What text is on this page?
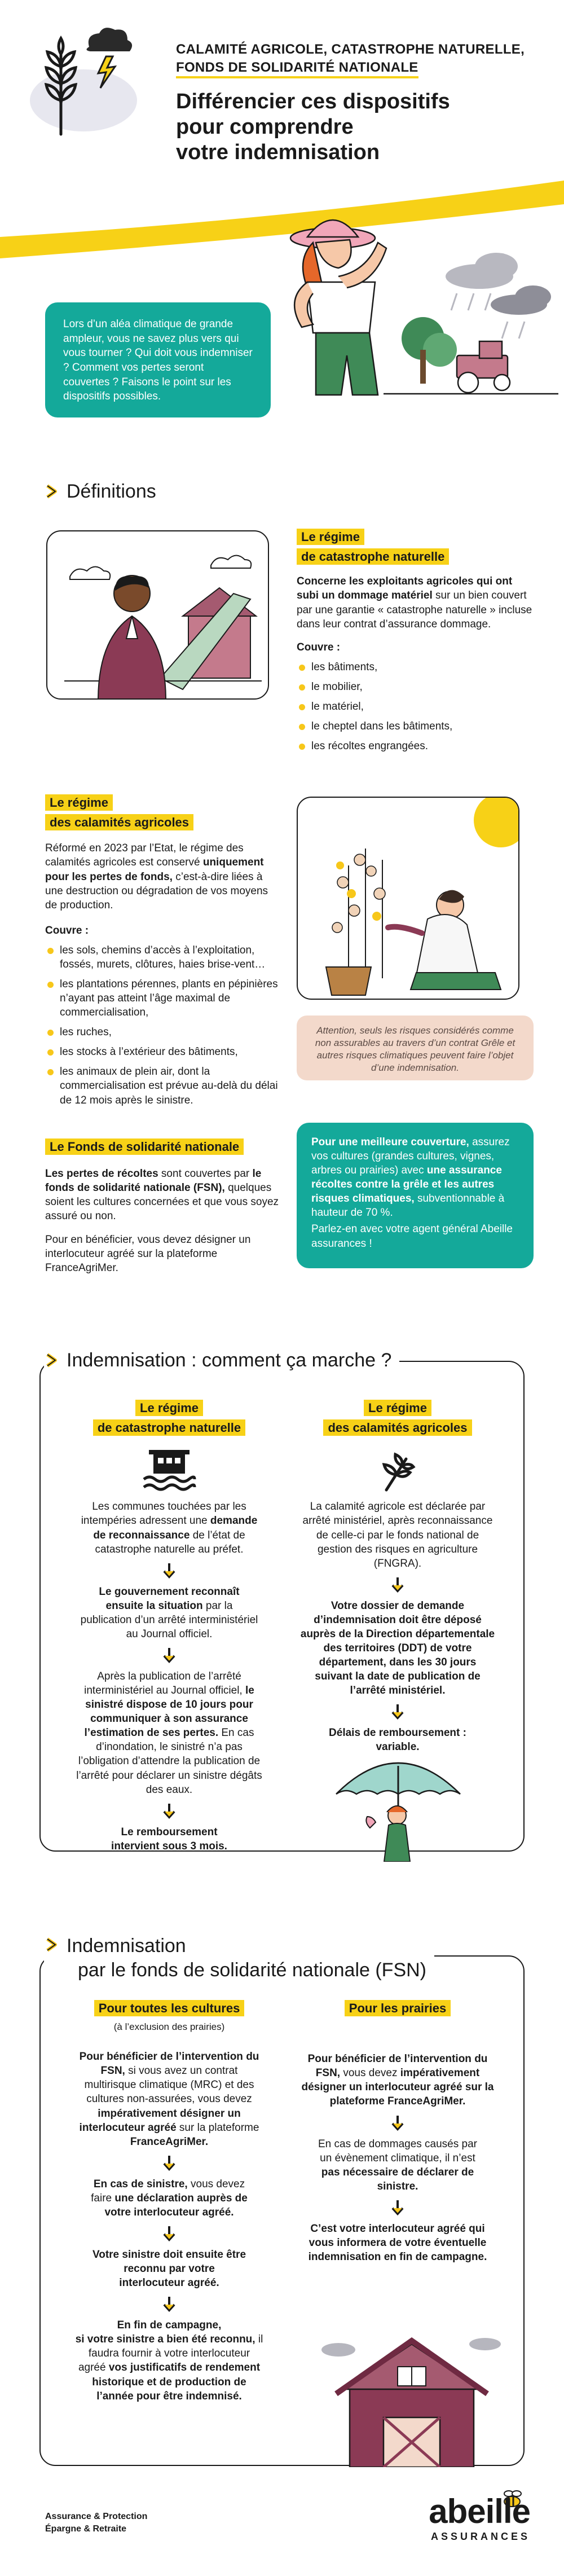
CALAMITÉ AGRICOLE, CATASTROPHE NATURELLE,
FONDS DE SOLIDARITÉ NATIONALE
Différencier ces dispositifs
pour comprendre
votre indemnisation

Lors d’un aléa climatique de grande ampleur, vous ne savez plus vers qui vous tourner ? Qui doit vous indemniser ? Comment vos pertes seront couvertes ? Faisons le point sur les dispositifs possibles.

Définitions
Le régime
de catastrophe naturelle

Concerne les exploitants agricoles qui ont subi un dommage matériel sur un bien couvert par une garantie « catastrophe naturelle » incluse dans leur contrat d’assurance dommage.

Couvre :

les bâtiments,
le mobilier,
le matériel,
le cheptel dans les bâtiments,
les récoltes engrangées.
Le régime
des calamités agricoles

Réformé en 2023 par l’Etat, le régime des calamités agricoles est conservé uniquement pour les pertes de fonds, c’est-à-dire liées à une destruction ou dégradation de vos moyens de production.

Couvre :

les sols, chemins d’accès à l’exploitation, fossés, murets, clôtures, haies brise-vent…
les plantations pérennes, plants en pépinières n’ayant pas atteint l’âge maximal de commercialisation,
les ruches,
les stocks à l’extérieur des bâtiments,
les animaux de plein air, dont la commercialisation est prévue au-delà du délai de 12 mois après le sinistre.

Attention, seuls les risques considérés comme non assurables au travers d’un contrat Grêle et autres risques climatiques peuvent faire l’objet d’une indemnisation.

Le Fonds de solidarité nationale

Les pertes de récoltes sont couvertes par le fonds de solidarité nationale (FSN), quelques soient les cultures concernées et que vous soyez assuré ou non.

Pour en bénéficier, vous devez désigner un interlocuteur agréé sur la plateforme FranceAgriMer.

Pour une meilleure couverture, assurez vos cultures (grandes cultures, vignes, arbres ou prairies) avec une assurance récoltes contre la grêle et les autres risques climatiques, subventionnable à hauteur de 70 %.

Parlez-en avec votre agent général Abeille assurances !

Indemnisation : comment ça marche ?
Le régime
de catastrophe naturelle

Les communes touchées par les intempéries adressent une demande de reconnaissance de l’état de catastrophe naturelle au préfet.

Le gouvernement reconnaît ensuite la situation par la publication d’un arrêté interministériel au Journal officiel.

Après la publication de l’arrêté interministériel au Journal officiel, le sinistré dispose de 10 jours pour communiquer à son assurance l’estimation de ses pertes. En cas d’inondation, le sinistré n’a pas l’obligation d’attendre la publication de l’arrêté pour déclarer un sinistre dégâts des eaux.

Le remboursement intervient sous 3 mois.

Le régime
des calamités agricoles

La calamité agricole est déclarée par arrêté ministériel, après reconnaissance de celle-ci par le fonds national de gestion des risques en agriculture (FNGRA).

Votre dossier de demande d’indemnisation doit être déposé auprès de la Direction départementale des territoires (DDT) de votre département, dans les 30 jours suivant la date de publication de l’arrêté ministériel.

Délais de remboursement :
variable.

Indemnisation
par le fonds de solidarité nationale (FSN)
Pour toutes les cultures

(à l’exclusion des prairies)

Pour bénéficier de l’intervention du FSN, si vous avez un contrat multirisque climatique (MRC) et des cultures non-assurées, vous devez impérativement désigner un interlocuteur agréé sur la plateforme FranceAgriMer.

En cas de sinistre, vous devez faire une déclaration auprès de votre interlocuteur agréé.

Votre sinistre doit ensuite être reconnu par votre interlocuteur agréé.

En fin de campagne,
si votre sinistre a bien été reconnu, il faudra fournir à votre interlocuteur agréé vos justificatifs de rendement historique et de production de l’année pour être indemnisé.

Pour les prairies

Pour bénéficier de l’intervention du FSN, vous devez impérativement désigner un interlocuteur agréé sur la plateforme FranceAgriMer.

En cas de dommages causés par un évènement climatique, il n’est pas nécessaire de déclarer de sinistre.

C’est votre interlocuteur agréé qui vous informera de votre éventuelle indemnisation en fin de campagne.

Assurance & Protection

Épargne & Retraite	abeille
ASSURANCES
